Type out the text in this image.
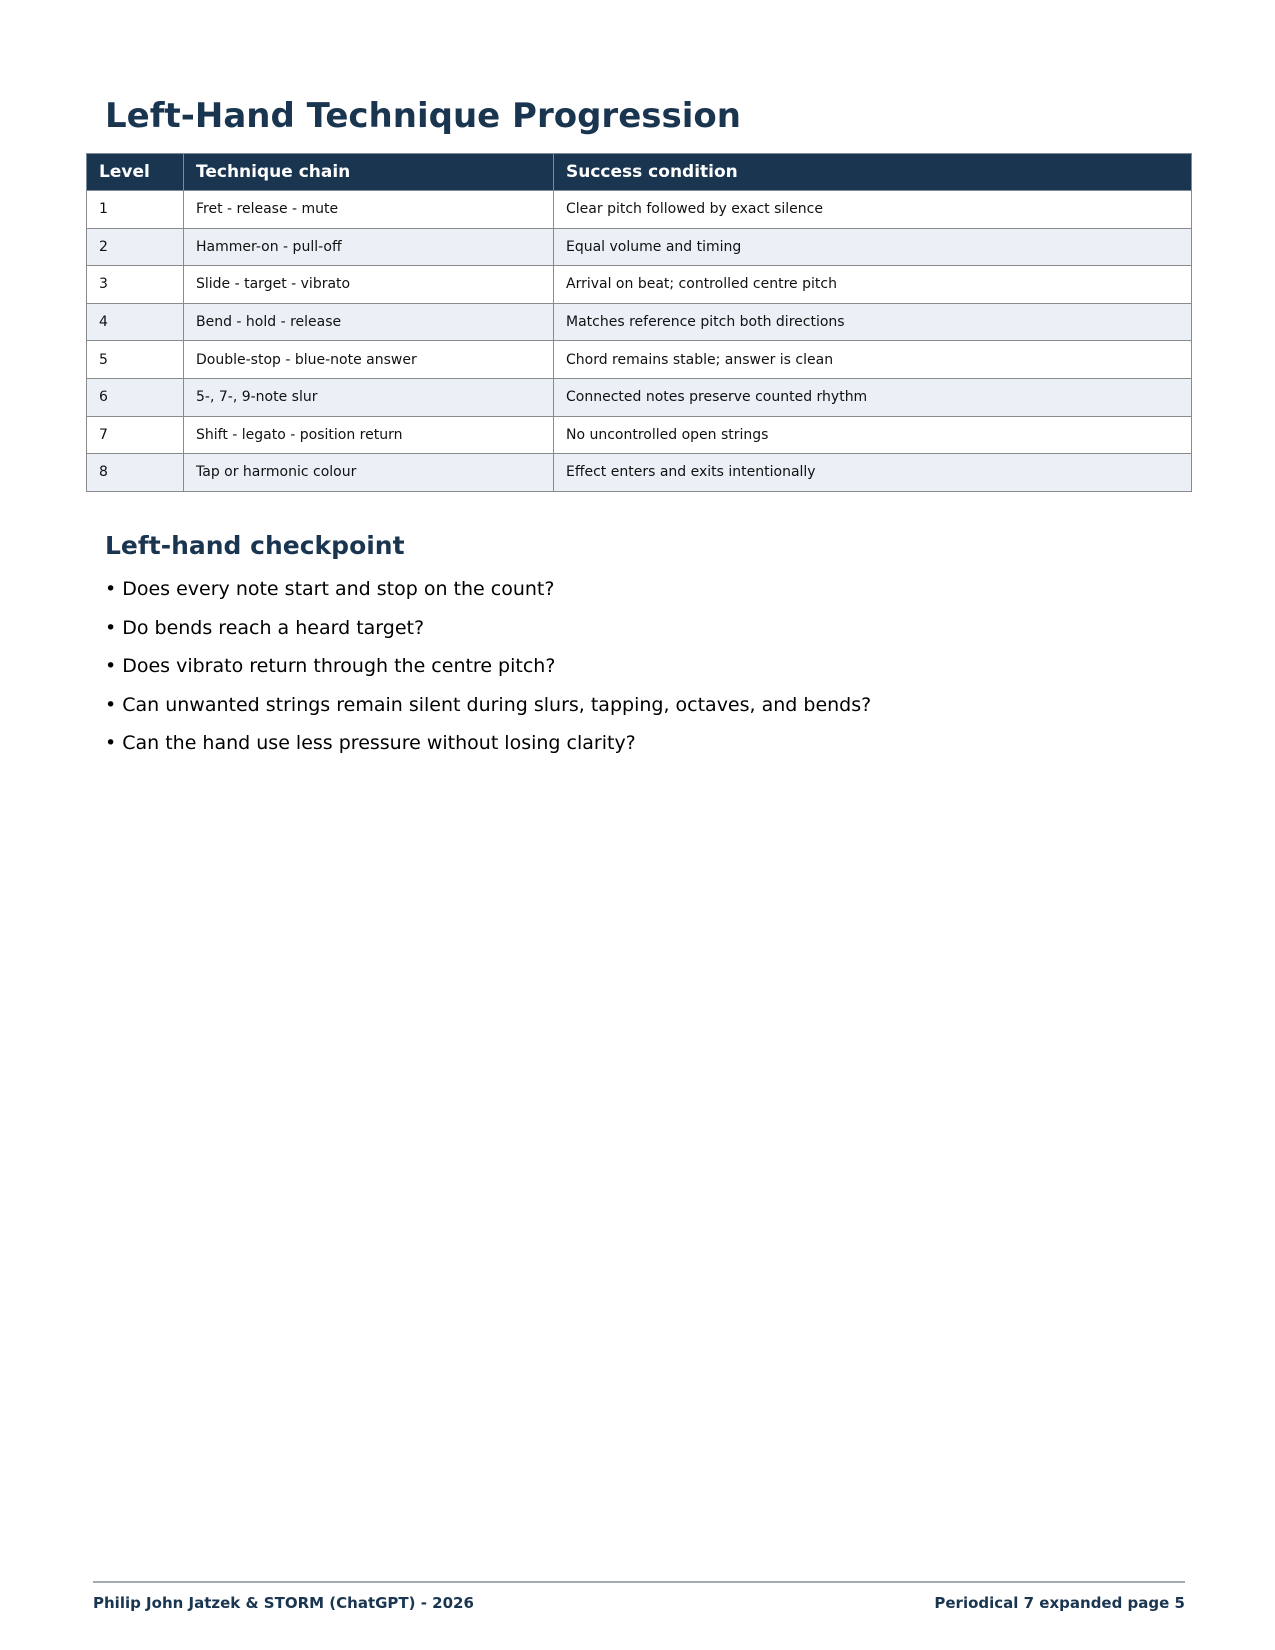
Left-Hand Technique Progression
Level	Technique chain	Success condition
1	Fret - release - mute	Clear pitch followed by exact silence
2	Hammer-on - pull-off	Equal volume and timing
3	Slide - target - vibrato	Arrival on beat; controlled centre pitch
4	Bend - hold - release	Matches reference pitch both directions
5	Double-stop - blue-note answer	Chord remains stable; answer is clean
6	5-, 7-, 9-note slur	Connected notes preserve counted rhythm
7	Shift - legato - position return	No uncontrolled open strings
8	Tap or harmonic colour	Effect enters and exits intentionally
Left-hand checkpoint
• Does every note start and stop on the count?
• Do bends reach a heard target?
• Does vibrato return through the centre pitch?
• Can unwanted strings remain silent during slurs, tapping, octaves, and bends?
• Can the hand use less pressure without losing clarity?
Philip John Jatzek & STORM (ChatGPT) - 2026	Periodical 7 expanded page 5
